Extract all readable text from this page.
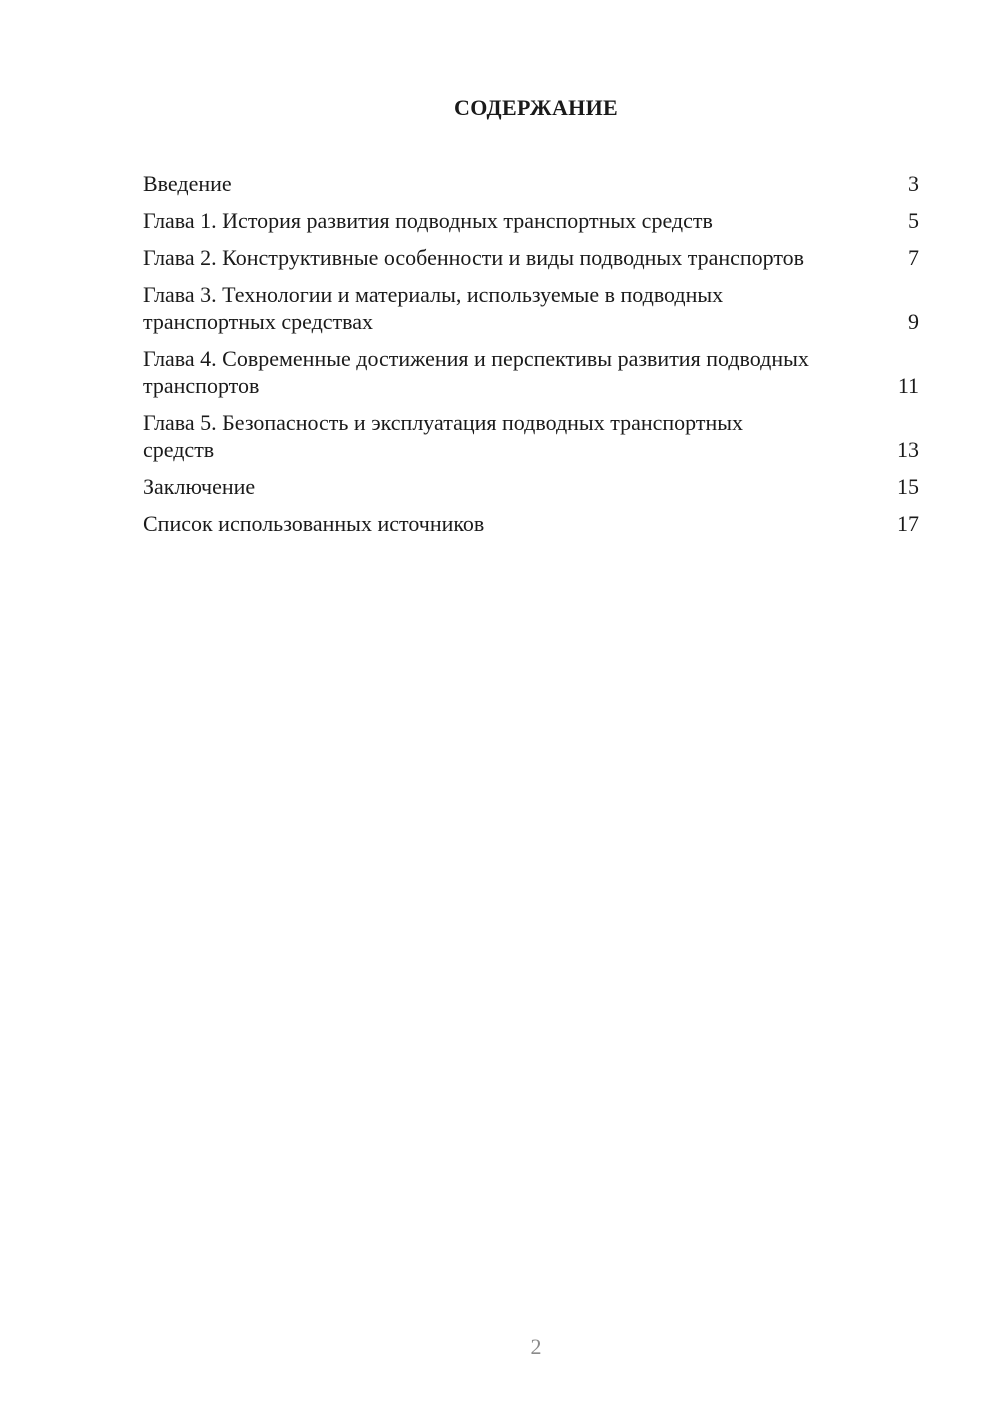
СОДЕРЖАНИЕ
Введение	3
Глава 1. История развития подводных транспортных средств	5
Глава 2. Конструктивные особенности и виды подводных транспортов	7
Глава 3. Технологии и материалы, используемые в подводных транспортных средствах	9
Глава 4. Современные достижения и перспективы развития подводных транспортов	11
Глава 5. Безопасность и эксплуатация подводных транспортных средств	13
Заключение	15
Список использованных источников	17
2
